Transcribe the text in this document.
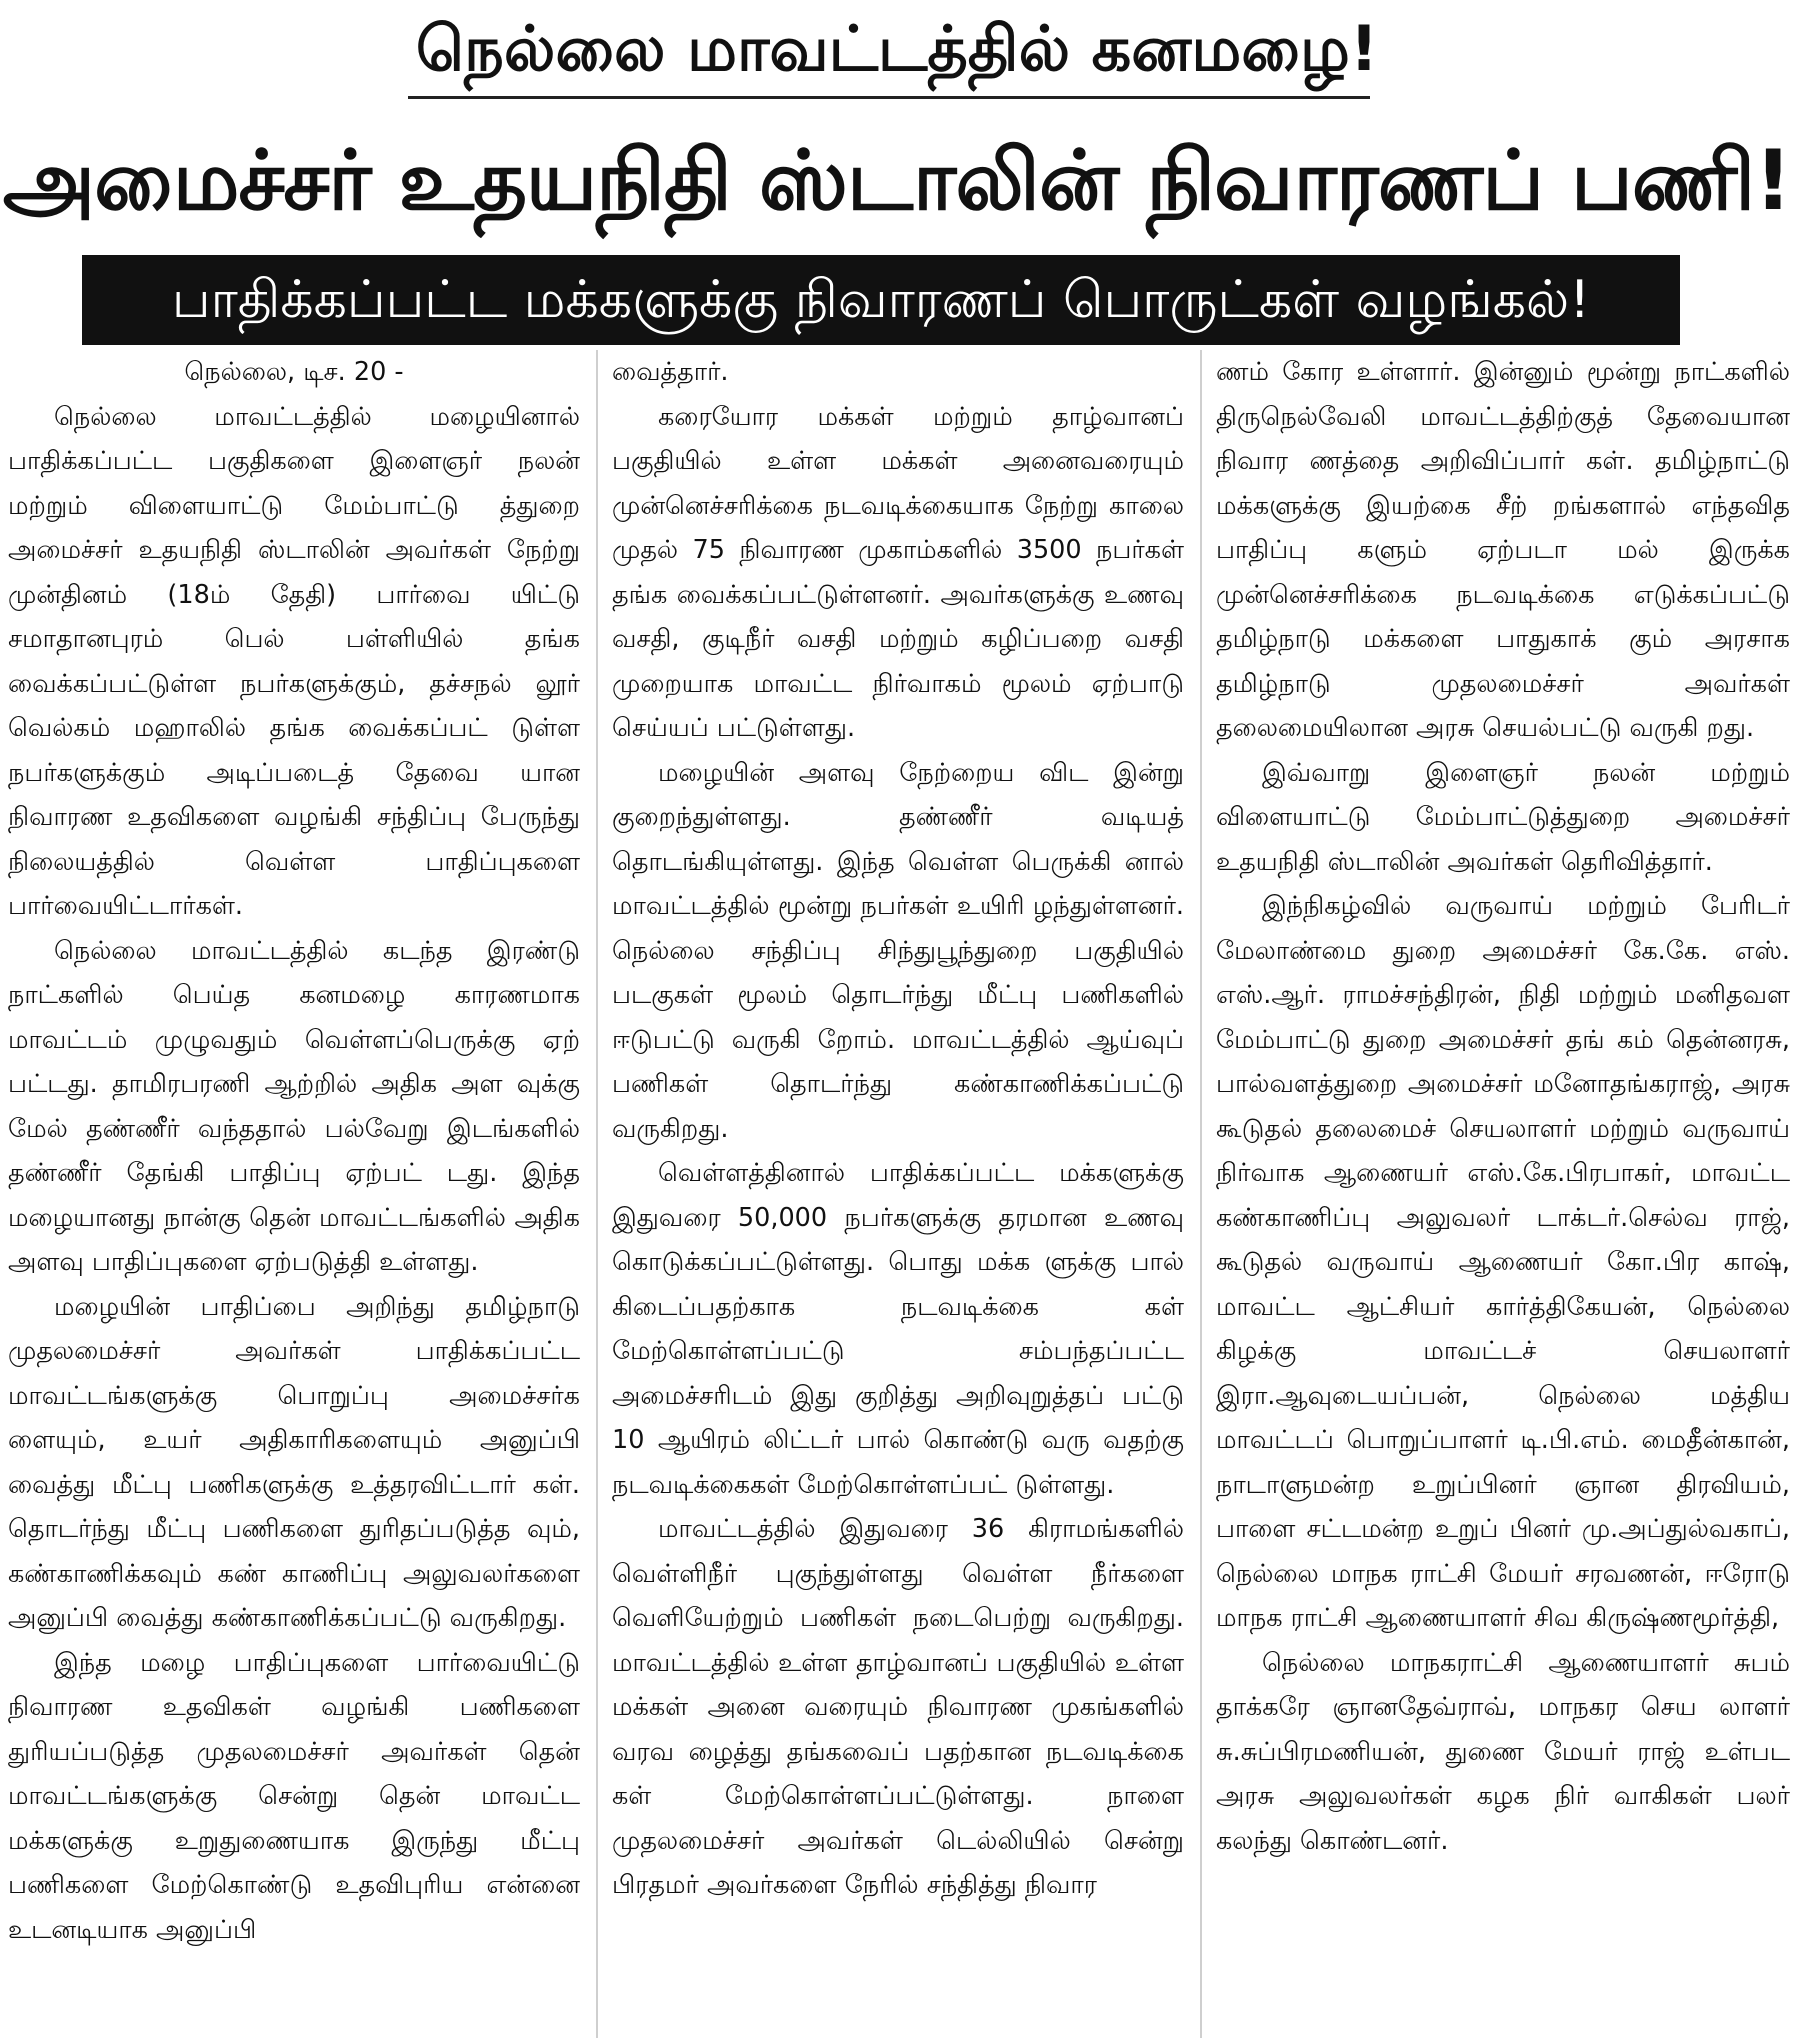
நெல்லை மாவட்டத்தில் கனமழை!
அமைச்சர் உதயநிதி ஸ்டாலின் நிவாரணப் பணி!
பாதிக்கப்பட்ட மக்களுக்கு நிவாரணப் பொருட்கள் வழங்கல்!

நெல்லை, டிச. 20 -

நெல்லை மாவட்டத்தில் மழையினால் பாதிக்கப்பட்ட பகுதிகளை இளைஞர் நலன் மற்றும் விளையாட்டு மேம்பாட்டு த்துறை அமைச்சர் உதயநிதி ஸ்டாலின் அவர்கள் நேற்று முன்தினம் (18ம் தேதி) பார்வை யிட்டு சமாதானபுரம் பெல் பள்ளியில் தங்க வைக்கப்பட்டுள்ள நபர்களுக்கும், தச்சநல் லூர் வெல்கம் மஹாலில் தங்க வைக்கப்பட் டுள்ள நபர்களுக்கும் அடிப்படைத் தேவை யான நிவாரண உதவிகளை வழங்கி சந்திப்பு பேருந்து நிலையத்தில் வெள்ள பாதிப்புகளை பார்வையிட்டார்கள்.

நெல்லை மாவட்டத்தில் கடந்த இரண்டு நாட்களில் பெய்த கனமழை காரணமாக மாவட்டம் முழுவதும் வெள்ளப்பெருக்கு ஏற் பட்டது. தாமிரபரணி ஆற்றில் அதிக அள வுக்கு மேல் தண்ணீர் வந்ததால் பல்வேறு இடங்களில் தண்ணீர் தேங்கி பாதிப்பு ஏற்பட் டது. இந்த மழையானது நான்கு தென் மாவட்டங்களில் அதிக அளவு பாதிப்புகளை ஏற்படுத்தி உள்ளது.

மழையின் பாதிப்பை அறிந்து தமிழ்நாடு முதலமைச்சர் அவர்கள் பாதிக்கப்பட்ட மாவட்டங்களுக்கு பொறுப்பு அமைச்சர்க ளையும், உயர் அதிகாரிகளையும் அனுப்பி வைத்து மீட்பு பணிகளுக்கு உத்தரவிட்டார் கள். தொடர்ந்து மீட்பு பணிகளை துரிதப்படுத்த வும், கண்காணிக்கவும் கண் காணிப்பு அலுவலர்களை அனுப்பி வைத்து கண்காணிக்கப்பட்டு வருகிறது.

இந்த மழை பாதிப்புகளை பார்வையிட்டு நிவாரண உதவிகள் வழங்கி பணிகளை துரியப்படுத்த முதலமைச்சர் அவர்கள் தென் மாவட்டங்களுக்கு சென்று தென் மாவட்ட மக்களுக்கு உறுதுணையாக இருந்து மீட்பு பணிகளை மேற்கொண்டு உதவிபுரிய என்னை உடனடியாக அனுப்பி

வைத்தார்.

கரையோர மக்கள் மற்றும் தாழ்வானப் பகுதியில் உள்ள மக்கள் அனைவரையும் முன்னெச்சரிக்கை நடவடிக்கையாக நேற்று காலை முதல் 75 நிவாரண முகாம்களில் 3500 நபர்கள் தங்க வைக்கப்பட்டுள்ளனர். அவர்களுக்கு உணவு வசதி, குடிநீர் வசதி மற்றும் கழிப்பறை வசதி முறையாக மாவட்ட நிர்வாகம் மூலம் ஏற்பாடு செய்யப் பட்டுள்ளது.

மழையின் அளவு நேற்றைய விட இன்று குறைந்துள்ளது. தண்ணீர் வடியத் தொடங்கியுள்ளது. இந்த வெள்ள பெருக்கி னால் மாவட்டத்தில் மூன்று நபர்கள் உயிரி ழந்துள்ளனர். நெல்லை சந்திப்பு சிந்துபூந்துறை பகுதியில் படகுகள் மூலம் தொடர்ந்து மீட்பு பணிகளில் ஈடுபட்டு வருகி றோம். மாவட்டத்தில் ஆய்வுப் பணிகள் தொடர்ந்து கண்காணிக்கப்பட்டு வருகிறது.

வெள்ளத்தினால் பாதிக்கப்பட்ட மக்களுக்கு இதுவரை 50,000 நபர்களுக்கு தரமான உணவு கொடுக்கப்பட்டுள்ளது. பொது மக்க ளுக்கு பால் கிடைப்பதற்காக நடவடிக்கை கள் மேற்கொள்ளப்பட்டு சம்பந்தப்பட்ட அமைச்சரிடம் இது குறித்து அறிவுறுத்தப் பட்டு 10 ஆயிரம் லிட்டர் பால் கொண்டு வரு வதற்கு நடவடிக்கைகள் மேற்கொள்ளப்பட் டுள்ளது.

மாவட்டத்தில் இதுவரை 36 கிராமங்களில் வெள்ளிநீர் புகுந்துள்ளது வெள்ள நீர்களை வெளியேற்றும் பணிகள் நடைபெற்று வருகிறது. மாவட்டத்தில் உள்ள தாழ்வானப் பகுதியில் உள்ள மக்கள் அனை வரையும் நிவாரண முகங்களில் வரவ ழைத்து தங்கவைப் பதற்கான நடவடிக்கை கள் மேற்கொள்ளப்பட்டுள்ளது. நாளை முதலமைச்சர் அவர்கள் டெல்லியில் சென்று பிரதமர் அவர்களை நேரில் சந்தித்து நிவார

ணம் கோர உள்ளார். இன்னும் மூன்று நாட்களில் திருநெல்வேலி மாவட்டத்திற்குத் தேவையான நிவார ணத்தை அறிவிப்பார் கள். தமிழ்நாட்டு மக்களுக்கு இயற்கை சீற் றங்களால் எந்தவித பாதிப்பு களும் ஏற்படா மல் இருக்க முன்னெச்சரிக்கை நடவடிக்கை எடுக்கப்பட்டு தமிழ்நாடு மக்களை பாதுகாக் கும் அரசாக தமிழ்நாடு முதலமைச்சர் அவர்கள் தலைமையிலான அரசு செயல்பட்டு வருகி றது.

இவ்வாறு இளைஞர் நலன் மற்றும் விளையாட்டு மேம்பாட்டுத்துறை அமைச்சர் உதயநிதி ஸ்டாலின் அவர்கள் தெரிவித்தார்.

இந்நிகழ்வில் வருவாய் மற்றும் பேரிடர் மேலாண்மை துறை அமைச்சர் கே.கே. எஸ். எஸ்.ஆர். ராமச்சந்திரன், நிதி மற்றும் மனிதவள மேம்பாட்டு துறை அமைச்சர் தங் கம் தென்னரசு, பால்வளத்துறை அமைச்சர் மனோதங்கராஜ், அரசு கூடுதல் தலைமைச் செயலாளர் மற்றும் வருவாய் நிர்வாக ஆணையர் எஸ்.கே.பிரபாகர், மாவட்ட கண்காணிப்பு அலுவலர் டாக்டர்.செல்வ ராஜ், கூடுதல் வருவாய் ஆணையர் கோ.பிர காஷ், மாவட்ட ஆட்சியர் கார்த்திகேயன், நெல்லை கிழக்கு மாவட்டச் செயலாளர் இரா.ஆவுடையப்பன், நெல்லை மத்திய மாவட்டப் பொறுப்பாளர் டி.பி.எம். மைதீன்கான், நாடாளுமன்ற உறுப்பினர் ஞான திரவியம், பாளை சட்டமன்ற உறுப் பினர் மு.அப்துல்வகாப், நெல்லை மாநக ராட்சி மேயர் சரவணன், ஈரோடு மாநக ராட்சி ஆணையாளர் சிவ கிருஷ்ணமூர்த்தி,

நெல்லை மாநகராட்சி ஆணையாளர் சுபம் தாக்கரே ஞானதேவ்ராவ், மாநகர செய லாளர் சு.சுப்பிரமணியன், துணை மேயர் ராஜ் உள்பட அரசு அலுவலர்கள் கழக நிர் வாகிகள் பலர் கலந்து கொண்டனர்.
